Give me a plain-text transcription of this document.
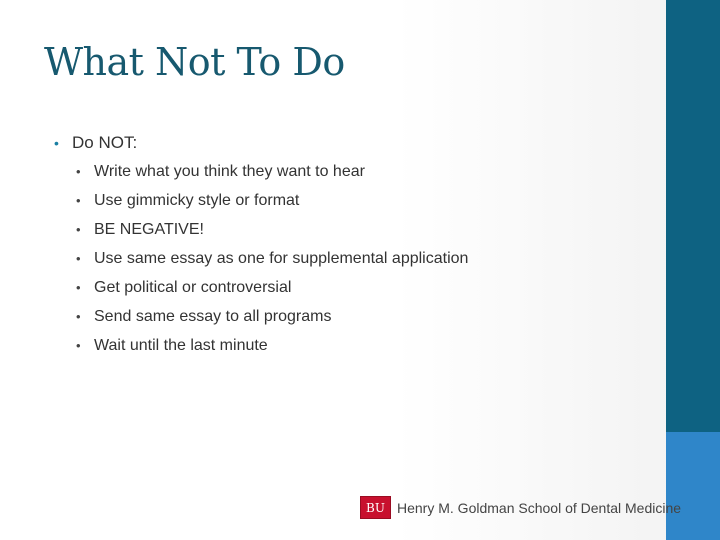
What Not To Do
• Do NOT:
• Write what you think they want to hear
• Use gimmicky style or format
• BE NEGATIVE!
• Use same essay as one for supplemental application
• Get political or controversial
• Send same essay to all programs
• Wait until the last minute
BU Henry M. Goldman School of Dental Medicine
